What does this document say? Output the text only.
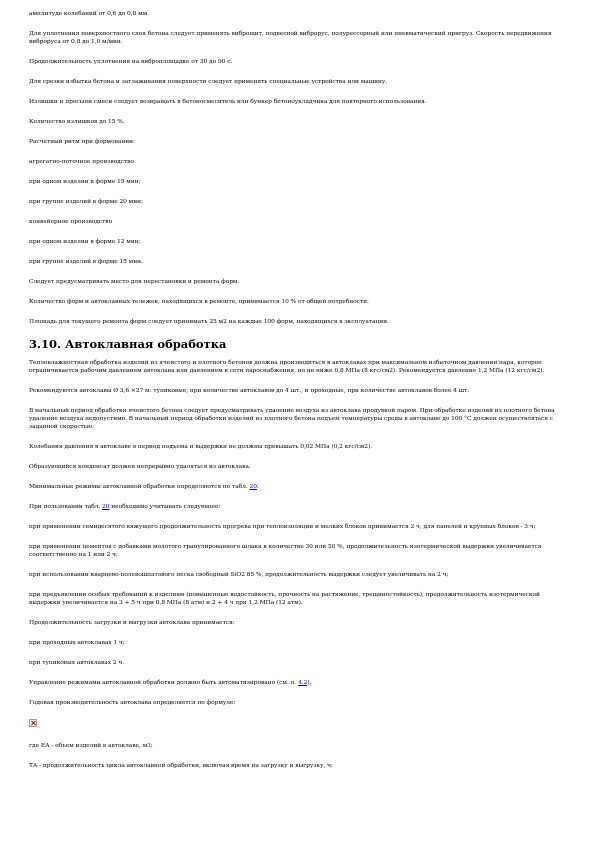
амплитуде колебаний от 0,6 до 0,8 мм.

Для уплотнения поверхностного слоя бетона следует применять виброщит, подвесной виброрус, полурессорный или пневматический пригруз. Скорость передвижения виброруса от 0,8 до 1,0 м/мин.

Продолжительность уплотнения на виброплощадке от 30 до 90 с.

Для срезки избытка бетона и заглаживания поверхности следует применять специальные устройства или машину.

Излишки и просыпи смеси следует возвращать в бетоносмеситель или бункер бетоноукладчика для повторного использования.

Количество излишков до 15 %.

Расчетный ритм при формовании:

агрегатно-поточное производство

при одном изделии в форме 15 мин;

при группе изделий в форме 20 мин;

конвейерное производство

при одном изделии в форме 12 мин;

при группе изделий в форме 15 мин.

Следует предусматривать место для перестановки и ремонта форм.

Количество форм и автоклавных тележек, находящихся в ремонте, принимается 10 % от общей потребности.

Площадь для текущего ремонта форм следует принимать 25 м2 на каждые 100 форм, находящихся в эксплуатации.

3.10. Автоклавная обработка

Тепловлажностная обработка изделий из ячеистого и плотного бетонов должна производиться в автоклавах при максимальном избыточном давлении пара, которое ограничивается рабочим давлением автоклава или давлением в сети пароснабжения, но не ниже 0,8 МПа (8 кгс/см2). Рекомендуется давление 1,2 МПа (12 кгс/см2).

Рекомендуются автоклавы Ø 3,6 ×27 м: тупиковые, при количестве автоклавов до 4 шт., и проходные, при количестве автоклавов более 4 шт.

В начальный период обработки ячеистого бетона следует предусматривать удаление воздуха из автоклава продувкой паром. При обработке изделий из плотного бетона удаление воздуха недопустимо. В начальный период обработки изделий из плотного бетона подъем температуры среды в автоклаве до 100 °С должен осуществляться с заданной скоростью.

Колебания давления в автоклаве в период подъема и выдержки не должны превышать 0,02 МПа (0,2 кгс/см2).

Образующийся конденсат должен непрерывно удаляться из автоклава.

Минимальные режимы автоклавной обработки определяются по табл. 20.

При пользовании табл. 20 необходимо учитывать следующее:

при применении семидесятого вяжущего продолжительность прогрева при теплоизоляции и мелких блоков принимается 2 ч, для панелей и крупных блоков - 3 ч;

при применении цементов с добавками молотого гранулированного шлака в количестве 30 или 50 %, продолжительность изотермической выдержки увеличивается соответственно на 1 или 2 ч;

при использовании кварцево-полевошпатового песка свободный SiO2 85 %, продолжительность выдержки следует увеличивать на 2 ч;

при предъявлении особых требований к изделиям (повышенные водостойкость, прочность на растяжение, трещиностойкость), продолжительность изотермической выдержки увеличивается на 3 + 5 ч при 0,8 МПа (8 атм) и 2 + 4 ч при 1,2 МПа (12 атм).

Продолжительность загрузки и выгрузки автоклава принимается:

при проходных автоклавах 1 ч;

при тупиковых автоклавах 2 ч.

Управление режимами автоклавной обработки должно быть автоматизировано (см. п. 4.2).

Годовая производительность автоклава определяется по формуле:

где ЕА - объем изделий в автоклаве, м3;

ТА - продолжительность цикла автоклавной обработки, включая время на загрузку и выгрузку, ч;
